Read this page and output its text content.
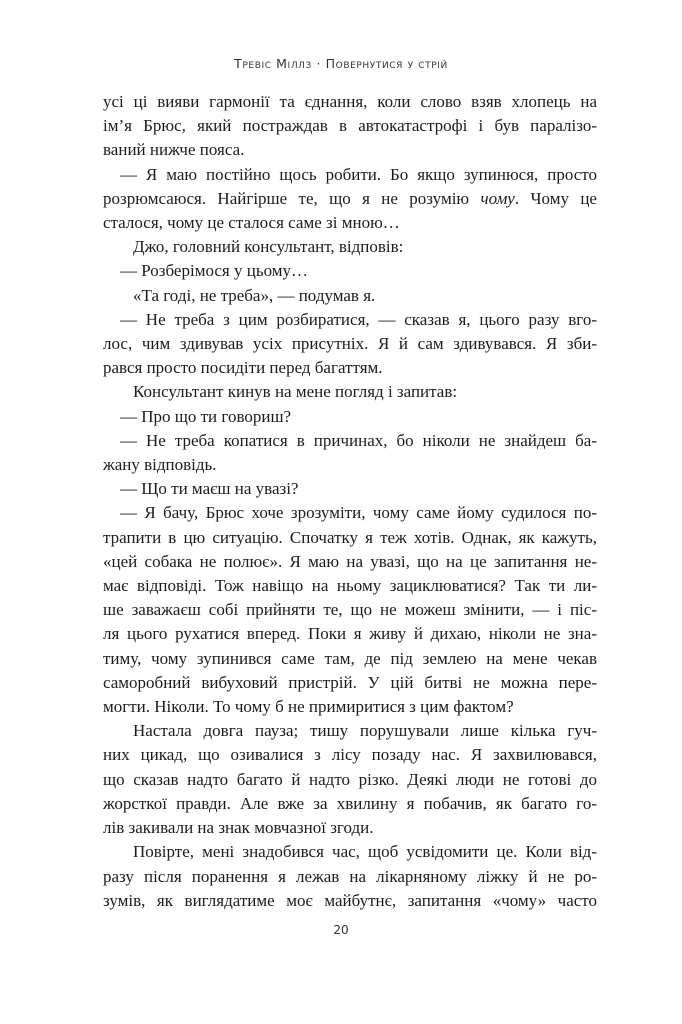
Тревіс Міллз · Повернутися у стрій
усі ці вияви гармонії та єднання, коли слово взяв хлопець на
ім’я Брюс, який постраждав в автокатастрофі і був паралізо-
ваний нижче пояса.
— Я маю постійно щось робити. Бо якщо зупинюся, просто
розрюмсаюся. Найгірше те, що я не розумію чому. Чому це
сталося, чому це сталося саме зі мною…
Джо, головний консультант, відповів:
— Розберімося у цьому…
«Та годі, не треба», — подумав я.
— Не треба з цим розбиратися, — сказав я, цього разу вго-
лос, чим здивував усіх присутніх. Я й сам здивувався. Я зби-
рався просто посидіти перед багаттям.
Консультант кинув на мене погляд і запитав:
— Про що ти говориш?
— Не треба копатися в причинах, бо ніколи не знайдеш ба-
жану відповідь.
— Що ти маєш на увазі?
— Я бачу, Брюс хоче зрозуміти, чому саме йому судилося по-
трапити в цю ситуацію. Спочатку я теж хотів. Однак, як кажуть,
«цей собака не полює». Я маю на увазі, що на це запитання не-
має відповіді. Тож навіщо на ньому зациклюватися? Так ти ли-
ше заважаєш собі прийняти те, що не можеш змінити, — і піс-
ля цього рухатися вперед. Поки я живу й дихаю, ніколи не зна-
тиму, чому зупинився саме там, де під землею на мене чекав
саморобний вибуховий пристрій. У цій битві не можна пере-
могти. Ніколи. То чому б не примиритися з цим фактом?
Настала довга пауза; тишу порушували лише кілька гуч-
них цикад, що озивалися з лісу позаду нас. Я захвилювався,
що сказав надто багато й надто різко. Деякі люди не готові до
жорсткої правди. Але вже за хвилину я побачив, як багато го-
лів закивали на знак мовчазної згоди.
Повірте, мені знадобився час, щоб усвідомити це. Коли від-
разу після поранення я лежав на лікарняному ліжку й не ро-
зумів, як виглядатиме моє майбутнє, запитання «чому» часто
20
